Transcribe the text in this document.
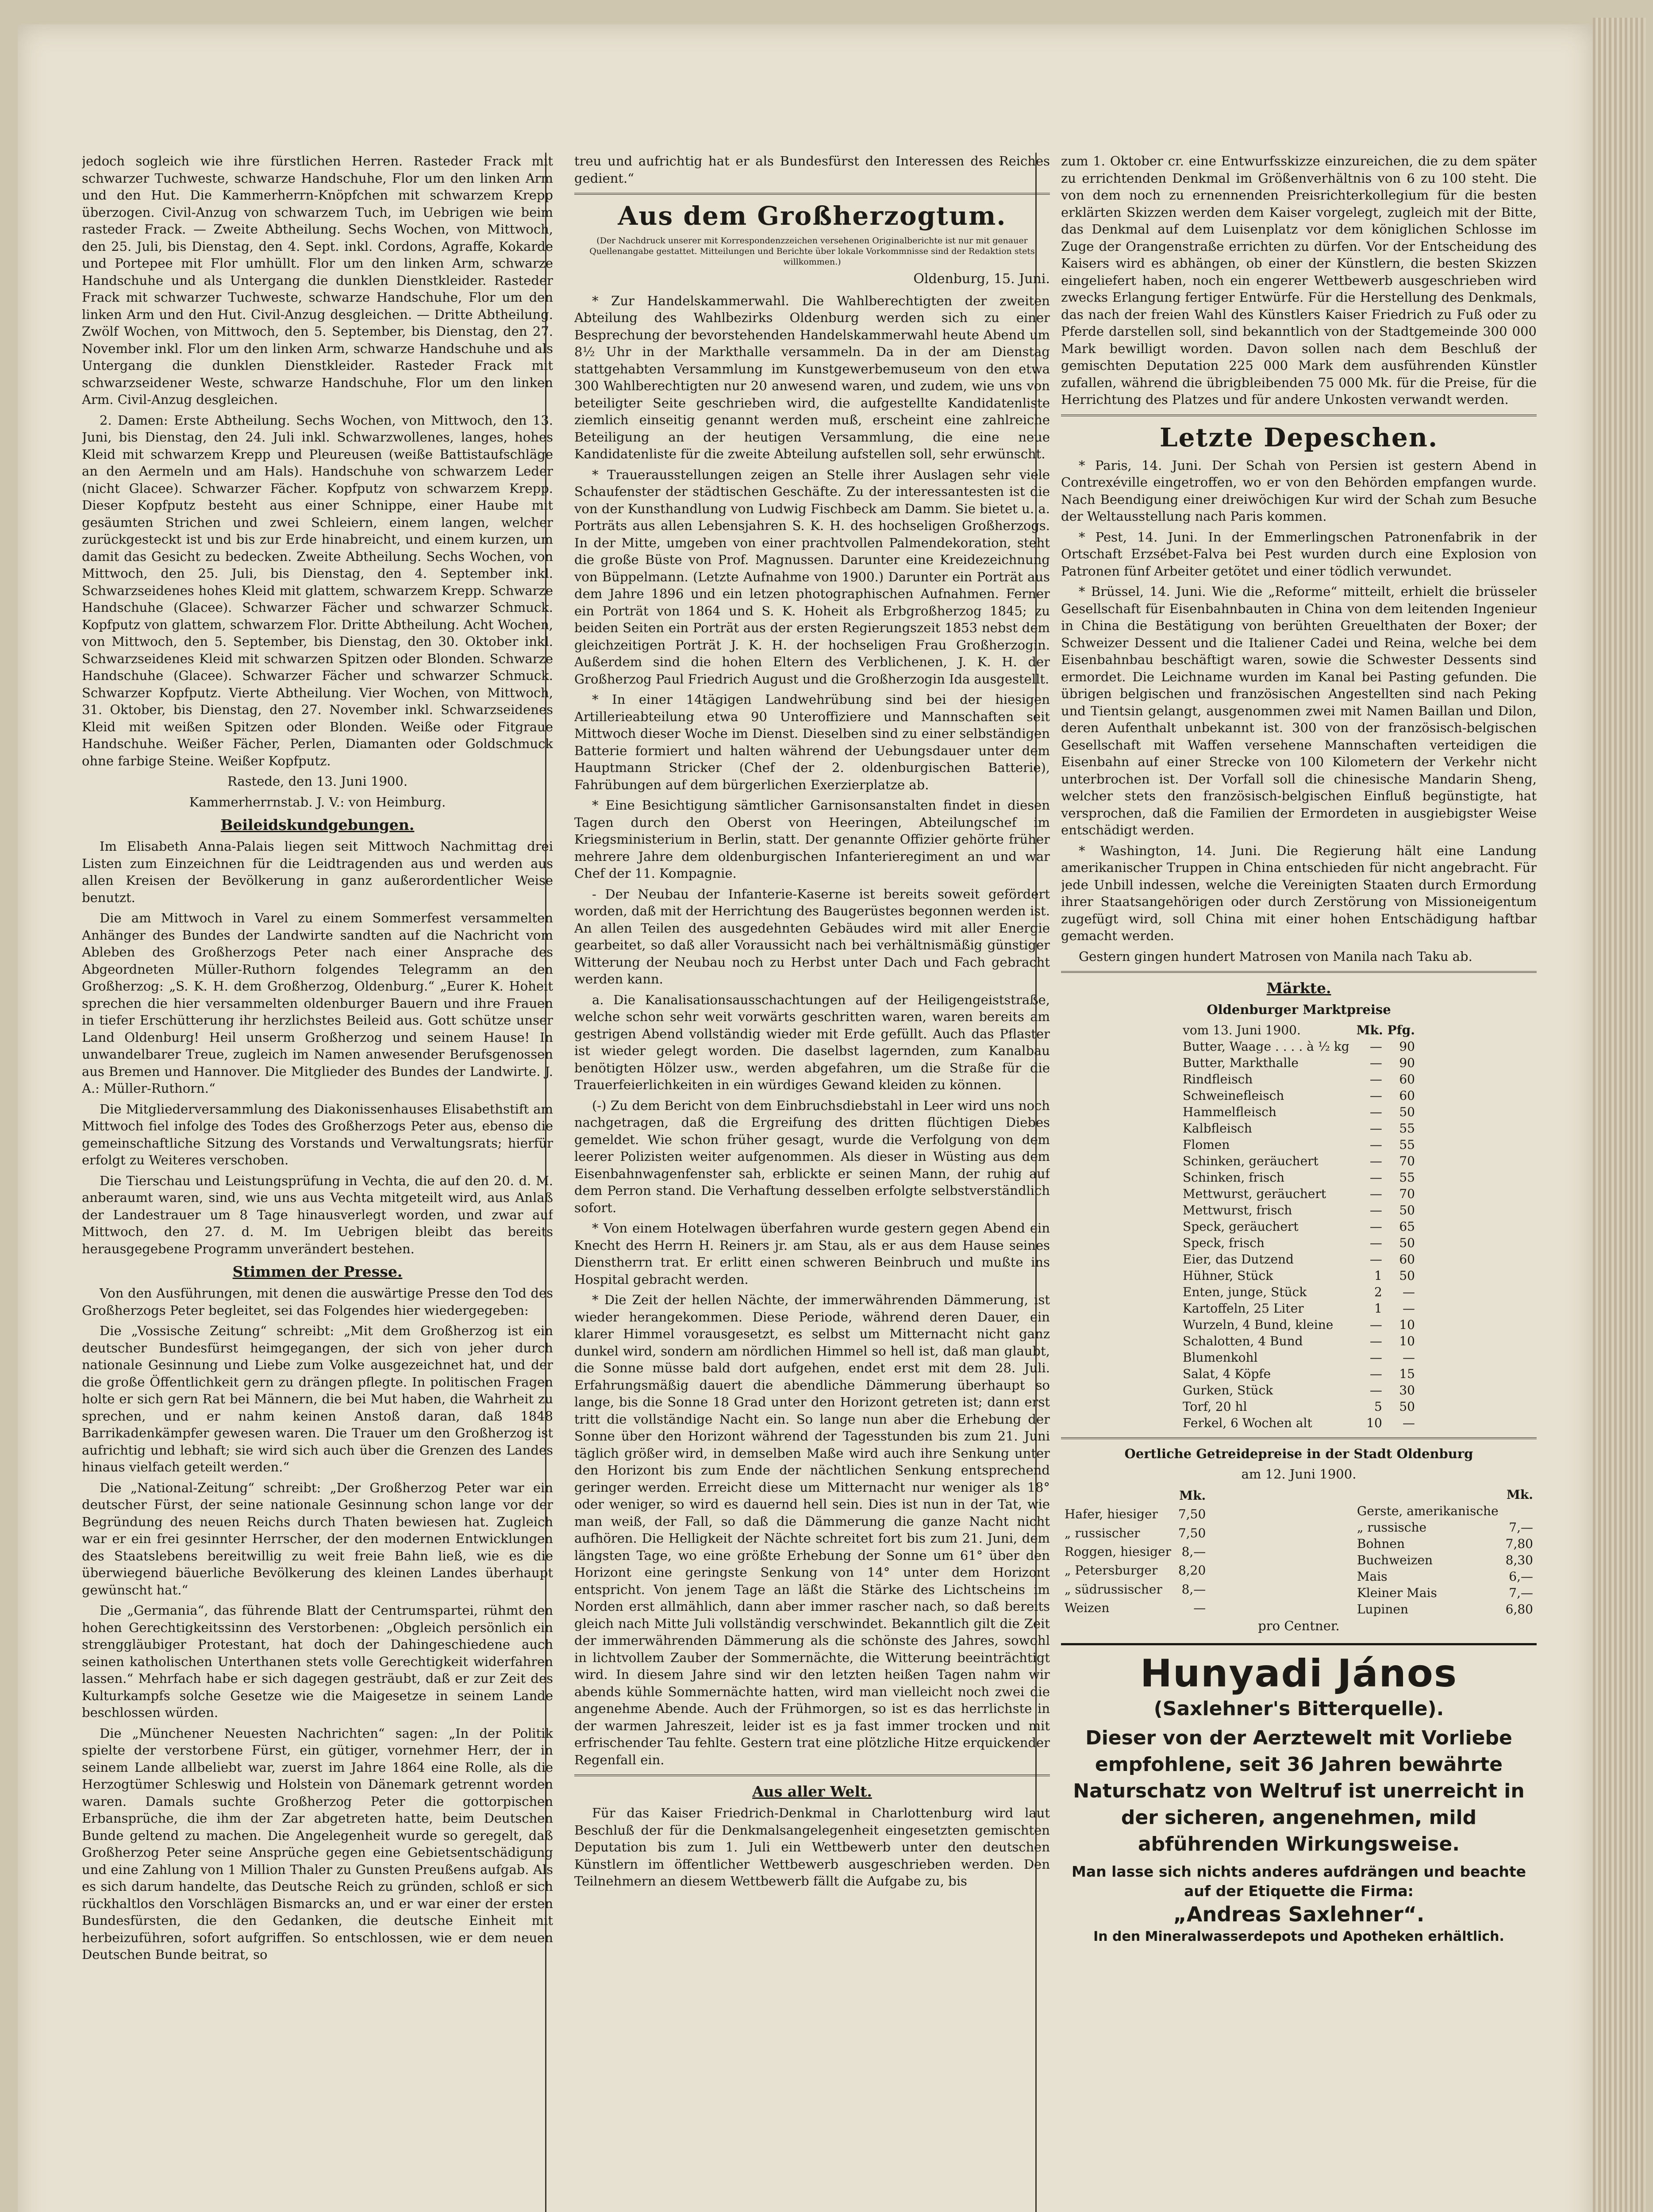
jedoch sogleich wie ihre fürstlichen Herren. Rasteder Frack mit schwarzer Tuchweste, schwarze Handschuhe, Flor um den linken Arm und den Hut. Die Kammerherrn-Knöpfchen mit schwarzem Krepp überzogen. Civil-Anzug von schwarzem Tuch, im Uebrigen wie beim rasteder Frack. — Zweite Abtheilung. Sechs Wochen, von Mittwoch, den 25. Juli, bis Dienstag, den 4. Sept. inkl. Cordons, Agraffe, Kokarde und Portepee mit Flor umhüllt. Flor um den linken Arm, schwarze Handschuhe und als Untergang die dunklen Dienstkleider. Rasteder Frack mit schwarzer Tuchweste, schwarze Handschuhe, Flor um den linken Arm und den Hut. Civil-Anzug desgleichen. — Dritte Abtheilung. Zwölf Wochen, von Mittwoch, den 5. September, bis Dienstag, den 27. November inkl. Flor um den linken Arm, schwarze Handschuhe und als Untergang die dunklen Dienstkleider. Rasteder Frack mit schwarzseidener Weste, schwarze Handschuhe, Flor um den linken Arm. Civil-Anzug desgleichen.

2. Damen: Erste Abtheilung. Sechs Wochen, von Mittwoch, den 13. Juni, bis Dienstag, den 24. Juli inkl. Schwarzwollenes, langes, hohes Kleid mit schwarzem Krepp und Pleureusen (weiße Battistaufschläge an den Aermeln und am Hals). Handschuhe von schwarzem Leder (nicht Glacee). Schwarzer Fächer. Kopfputz von schwarzem Krepp. Dieser Kopfputz besteht aus einer Schnippe, einer Haube mit gesäumten Strichen und zwei Schleiern, einem langen, welcher zurückgesteckt ist und bis zur Erde hinabreicht, und einem kurzen, um damit das Gesicht zu bedecken. Zweite Abtheilung. Sechs Wochen, von Mittwoch, den 25. Juli, bis Dienstag, den 4. September inkl. Schwarzseidenes hohes Kleid mit glattem, schwarzem Krepp. Schwarze Handschuhe (Glacee). Schwarzer Fächer und schwarzer Schmuck. Kopfputz von glattem, schwarzem Flor. Dritte Abtheilung. Acht Wochen, von Mittwoch, den 5. September, bis Dienstag, den 30. Oktober inkl. Schwarzseidenes Kleid mit schwarzen Spitzen oder Blonden. Schwarze Handschuhe (Glacee). Schwarzer Fächer und schwarzer Schmuck. Schwarzer Kopfputz. Vierte Abtheilung. Vier Wochen, von Mittwoch, 31. Oktober, bis Dienstag, den 27. November inkl. Schwarzseidenes Kleid mit weißen Spitzen oder Blonden. Weiße oder Fitgraue Handschuhe. Weißer Fächer, Perlen, Diamanten oder Goldschmuck ohne farbige Steine. Weißer Kopfputz.

Rastede, den 13. Juni 1900.

Kammerherrnstab. J. V.: von Heimburg.

Beileidskundgebungen.

Im Elisabeth Anna-Palais liegen seit Mittwoch Nachmittag drei Listen zum Einzeichnen für die Leidtragenden aus und werden aus allen Kreisen der Bevölkerung in ganz außerordentlicher Weise benutzt.

Die am Mittwoch in Varel zu einem Sommerfest versammelten Anhänger des Bundes der Landwirte sandten auf die Nachricht vom Ableben des Großherzogs Peter nach einer Ansprache des Abgeordneten Müller-Ruthorn folgendes Telegramm an den Großherzog: „S. K. H. dem Großherzog, Oldenburg.“ „Eurer K. Hoheit sprechen die hier versammelten oldenburger Bauern und ihre Frauen in tiefer Erschütterung ihr herzlichstes Beileid aus. Gott schütze unser Land Oldenburg! Heil unserm Großherzog und seinem Hause! In unwandelbarer Treue, zugleich im Namen anwesender Berufsgenossen aus Bremen und Hannover. Die Mitglieder des Bundes der Landwirte. J. A.: Müller-Ruthorn.“

Die Mitgliederversammlung des Diakonissenhauses Elisabethstift am Mittwoch fiel infolge des Todes des Großherzogs Peter aus, ebenso die gemeinschaftliche Sitzung des Vorstands und Verwaltungsrats; hierfür erfolgt zu Weiteres verschoben.

Die Tierschau und Leistungsprüfung in Vechta, die auf den 20. d. M. anberaumt waren, sind, wie uns aus Vechta mitgeteilt wird, aus Anlaß der Landestrauer um 8 Tage hinausverlegt worden, und zwar auf Mittwoch, den 27. d. M. Im Uebrigen bleibt das bereits herausgegebene Programm unverändert bestehen.

Stimmen der Presse.

Von den Ausführungen, mit denen die auswärtige Presse den Tod des Großherzogs Peter begleitet, sei das Folgendes hier wiedergegeben:

Die „Vossische Zeitung“ schreibt: „Mit dem Großherzog ist ein deutscher Bundesfürst heimgegangen, der sich von jeher durch nationale Gesinnung und Liebe zum Volke ausgezeichnet hat, und der die große Öffentlichkeit gern zu drängen pflegte. In politischen Fragen holte er sich gern Rat bei Männern, die bei Mut haben, die Wahrheit zu sprechen, und er nahm keinen Anstoß daran, daß 1848 Barrikadenkämpfer gewesen waren. Die Trauer um den Großherzog ist aufrichtig und lebhaft; sie wird sich auch über die Grenzen des Landes hinaus vielfach geteilt werden.“

Die „National-Zeitung“ schreibt: „Der Großherzog Peter war ein deutscher Fürst, der seine nationale Gesinnung schon lange vor der Begründung des neuen Reichs durch Thaten bewiesen hat. Zugleich war er ein frei gesinnter Herrscher, der den modernen Entwicklungen des Staatslebens bereitwillig zu weit freie Bahn ließ, wie es die überwiegend bäuerliche Bevölkerung des kleinen Landes überhaupt gewünscht hat.“

Die „Germania“, das führende Blatt der Centrumspartei, rühmt den hohen Gerechtigkeitssinn des Verstorbenen: „Obgleich persönlich ein strenggläubiger Protestant, hat doch der Dahingeschiedene auch seinen katholischen Unterthanen stets volle Gerechtigkeit widerfahren lassen.“ Mehrfach habe er sich dagegen gesträubt, daß er zur Zeit des Kulturkampfs solche Gesetze wie die Maigesetze in seinem Lande beschlossen würden.

Die „Münchener Neuesten Nachrichten“ sagen: „In der Politik spielte der verstorbene Fürst, ein gütiger, vornehmer Herr, der in seinem Lande allbeliebt war, zuerst im Jahre 1864 eine Rolle, als die Herzogtümer Schleswig und Holstein von Dänemark getrennt worden waren. Damals suchte Großherzog Peter die gottorpischen Erbansprüche, die ihm der Zar abgetreten hatte, beim Deutschen Bunde geltend zu machen. Die Angelegenheit wurde so geregelt, daß Großherzog Peter seine Ansprüche gegen eine Gebietsentschädigung und eine Zahlung von 1 Million Thaler zu Gunsten Preußens aufgab. Als es sich darum handelte, das Deutsche Reich zu gründen, schloß er sich rückhaltlos den Vorschlägen Bismarcks an, und er war einer der ersten Bundesfürsten, die den Gedanken, die deutsche Einheit mit herbeizuführen, sofort aufgriffen. So entschlossen, wie er dem neuen Deutschen Bunde beitrat, so

treu und aufrichtig hat er als Bundesfürst den Interessen des Reiches gedient.“

Aus dem Großherzogtum.

(Der Nachdruck unserer mit Korrespondenzzeichen versehenen Originalberichte ist nur mit genauer Quellenangabe gestattet. Mitteilungen und Berichte über lokale Vorkommnisse sind der Redaktion stets willkommen.)

Oldenburg, 15. Juni.

* Zur Handelskammerwahl. Die Wahlberechtigten der zweiten Abteilung des Wahlbezirks Oldenburg werden sich zu einer Besprechung der bevorstehenden Handelskammerwahl heute Abend um 8½ Uhr in der Markthalle versammeln. Da in der am Dienstag stattgehabten Versammlung im Kunstgewerbemuseum von den etwa 300 Wahlberechtigten nur 20 anwesend waren, und zudem, wie uns von beteiligter Seite geschrieben wird, die aufgestellte Kandidatenliste ziemlich einseitig genannt werden muß, erscheint eine zahlreiche Beteiligung an der heutigen Versammlung, die eine neue Kandidatenliste für die zweite Abteilung aufstellen soll, sehr erwünscht.

* Trauerausstellungen zeigen an Stelle ihrer Auslagen sehr viele Schaufenster der städtischen Geschäfte. Zu der interessantesten ist die von der Kunsthandlung von Ludwig Fischbeck am Damm. Sie bietet u. a. Porträts aus allen Lebensjahren S. K. H. des hochseligen Großherzogs. In der Mitte, umgeben von einer prachtvollen Palmendekoration, steht die große Büste von Prof. Magnussen. Darunter eine Kreidezeichnung von Büppelmann. (Letzte Aufnahme von 1900.) Darunter ein Porträt aus dem Jahre 1896 und ein letzen photographischen Aufnahmen. Ferner ein Porträt von 1864 und S. K. Hoheit als Erbgroßherzog 1845; zu beiden Seiten ein Porträt aus der ersten Regierungszeit 1853 nebst dem gleichzeitigen Porträt J. K. H. der hochseligen Frau Großherzogin. Außerdem sind die hohen Eltern des Verblichenen, J. K. H. der Großherzog Paul Friedrich August und die Großherzogin Ida ausgestellt.

* In einer 14tägigen Landwehrübung sind bei der hiesigen Artillerieabteilung etwa 90 Unteroffiziere und Mannschaften seit Mittwoch dieser Woche im Dienst. Dieselben sind zu einer selbständigen Batterie formiert und halten während der Uebungsdauer unter dem Hauptmann Stricker (Chef der 2. oldenburgischen Batterie), Fahrübungen auf dem bürgerlichen Exerzierplatze ab.

* Eine Besichtigung sämtlicher Garnisonsanstalten findet in diesen Tagen durch den Oberst von Heeringen, Abteilungschef im Kriegsministerium in Berlin, statt. Der genannte Offizier gehörte früher mehrere Jahre dem oldenburgischen Infanterieregiment an und war Chef der 11. Kompagnie.

- Der Neubau der Infanterie-Kaserne ist bereits soweit gefördert worden, daß mit der Herrichtung des Baugerüstes begonnen werden ist. An allen Teilen des ausgedehnten Gebäudes wird mit aller Energie gearbeitet, so daß aller Voraussicht nach bei verhältnismäßig günstiger Witterung der Neubau noch zu Herbst unter Dach und Fach gebracht werden kann.

a. Die Kanalisationsausschachtungen auf der Heiligengeiststraße, welche schon sehr weit vorwärts geschritten waren, waren bereits am gestrigen Abend vollständig wieder mit Erde gefüllt. Auch das Pflaster ist wieder gelegt worden. Die daselbst lagernden, zum Kanalbau benötigten Hölzer usw., werden abgefahren, um die Straße für die Trauerfeierlichkeiten in ein würdiges Gewand kleiden zu können.

(-) Zu dem Bericht von dem Einbruchsdiebstahl in Leer wird uns noch nachgetragen, daß die Ergreifung des dritten flüchtigen Diebes gemeldet. Wie schon früher gesagt, wurde die Verfolgung von dem leerer Polizisten weiter aufgenommen. Als dieser in Wüsting aus dem Eisenbahnwagenfenster sah, erblickte er seinen Mann, der ruhig auf dem Perron stand. Die Verhaftung desselben erfolgte selbstverständlich sofort.

* Von einem Hotelwagen überfahren wurde gestern gegen Abend ein Knecht des Herrn H. Reiners jr. am Stau, als er aus dem Hause seines Dienstherrn trat. Er erlitt einen schweren Beinbruch und mußte ins Hospital gebracht werden.

* Die Zeit der hellen Nächte, der immerwährenden Dämmerung, ist wieder herangekommen. Diese Periode, während deren Dauer, ein klarer Himmel vorausgesetzt, es selbst um Mitternacht nicht ganz dunkel wird, sondern am nördlichen Himmel so hell ist, daß man glaubt, die Sonne müsse bald dort aufgehen, endet erst mit dem 28. Juli. Erfahrungsmäßig dauert die abendliche Dämmerung überhaupt so lange, bis die Sonne 18 Grad unter den Horizont getreten ist; dann erst tritt die vollständige Nacht ein. So lange nun aber die Erhebung der Sonne über den Horizont während der Tagesstunden bis zum 21. Juni täglich größer wird, in demselben Maße wird auch ihre Senkung unter den Horizont bis zum Ende der nächtlichen Senkung entsprechend geringer werden. Erreicht diese um Mitternacht nur weniger als 18° oder weniger, so wird es dauernd hell sein. Dies ist nun in der Tat, wie man weiß, der Fall, so daß die Dämmerung die ganze Nacht nicht aufhören. Die Helligkeit der Nächte schreitet fort bis zum 21. Juni, dem längsten Tage, wo eine größte Erhebung der Sonne um 61° über den Horizont eine geringste Senkung von 14° unter dem Horizont entspricht. Von jenem Tage an läßt die Stärke des Lichtscheins im Norden erst allmählich, dann aber immer rascher nach, so daß bereits gleich nach Mitte Juli vollständig verschwindet. Bekanntlich gilt die Zeit der immerwährenden Dämmerung als die schönste des Jahres, sowohl in lichtvollem Zauber der Sommernächte, die Witterung beeinträchtigt wird. In diesem Jahre sind wir den letzten heißen Tagen nahm wir abends kühle Sommernächte hatten, wird man vielleicht noch zwei die angenehme Abende. Auch der Frühmorgen, so ist es das herrlichste in der warmen Jahreszeit, leider ist es ja fast immer trocken und mit erfrischender Tau fehlte. Gestern trat eine plötzliche Hitze erquickender Regenfall ein.

Aus aller Welt.

Für das Kaiser Friedrich-Denkmal in Charlottenburg wird laut Beschluß der für die Denkmalsangelegenheit eingesetzten gemischten Deputation bis zum 1. Juli ein Wettbewerb unter den deutschen Künstlern im öffentlicher Wettbewerb ausgeschrieben werden. Den Teilnehmern an diesem Wettbewerb fällt die Aufgabe zu, bis

zum 1. Oktober cr. eine Entwurfsskizze einzureichen, die zu dem später zu errichtenden Denkmal im Größenverhältnis von 6 zu 100 steht. Die von dem noch zu ernennenden Preisrichterkollegium für die besten erklärten Skizzen werden dem Kaiser vorgelegt, zugleich mit der Bitte, das Denkmal auf dem Luisenplatz vor dem königlichen Schlosse im Zuge der Orangenstraße errichten zu dürfen. Vor der Entscheidung des Kaisers wird es abhängen, ob einer der Künstlern, die besten Skizzen eingeliefert haben, noch ein engerer Wettbewerb ausgeschrieben wird zwecks Erlangung fertiger Entwürfe. Für die Herstellung des Denkmals, das nach der freien Wahl des Künstlers Kaiser Friedrich zu Fuß oder zu Pferde darstellen soll, sind bekanntlich von der Stadtgemeinde 300 000 Mark bewilligt worden. Davon sollen nach dem Beschluß der gemischten Deputation 225 000 Mark dem ausführenden Künstler zufallen, während die übrigbleibenden 75 000 Mk. für die Preise, für die Herrichtung des Platzes und für andere Unkosten verwandt werden.

Letzte Depeschen.

* Paris, 14. Juni. Der Schah von Persien ist gestern Abend in Contrexéville eingetroffen, wo er von den Behörden empfangen wurde. Nach Beendigung einer dreiwöchigen Kur wird der Schah zum Besuche der Weltausstellung nach Paris kommen.

* Pest, 14. Juni. In der Emmerlingschen Patronenfabrik in der Ortschaft Erzsébet-Falva bei Pest wurden durch eine Explosion von Patronen fünf Arbeiter getötet und einer tödlich verwundet.

* Brüssel, 14. Juni. Wie die „Reforme“ mitteilt, erhielt die brüsseler Gesellschaft für Eisenbahnbauten in China von dem leitenden Ingenieur in China die Bestätigung von berühten Greuelthaten der Boxer; der Schweizer Dessent und die Italiener Cadei und Reina, welche bei dem Eisenbahnbau beschäftigt waren, sowie die Schwester Dessents sind ermordet. Die Leichname wurden im Kanal bei Pasting gefunden. Die übrigen belgischen und französischen Angestellten sind nach Peking und Tientsin gelangt, ausgenommen zwei mit Namen Baillan und Dilon, deren Aufenthalt unbekannt ist. 300 von der französisch-belgischen Gesellschaft mit Waffen versehene Mannschaften verteidigen die Eisenbahn auf einer Strecke von 100 Kilometern der Verkehr nicht unterbrochen ist. Der Vorfall soll die chinesische Mandarin Sheng, welcher stets den französisch-belgischen Einfluß begünstigte, hat versprochen, daß die Familien der Ermordeten in ausgiebigster Weise entschädigt werden.

* Washington, 14. Juni. Die Regierung hält eine Landung amerikanischer Truppen in China entschieden für nicht angebracht. Für jede Unbill indessen, welche die Vereinigten Staaten durch Ermordung ihrer Staatsangehörigen oder durch Zerstörung von Missioneigentum zugefügt wird, soll China mit einer hohen Entschädigung haftbar gemacht werden.

Gestern gingen hundert Matrosen von Manila nach Taku ab.

Märkte.

Oldenburger Marktpreise

vom 13. Juni 1900.	Mk. Pfg.	
Butter, Waage . . . . à ½ kg	—	90
Butter, Markthalle	—	90
Rindfleisch	—	60
Schweinefleisch	—	60
Hammelfleisch	—	50
Kalbfleisch	—	55
Flomen	—	55
Schinken, geräuchert	—	70
Schinken, frisch	—	55
Mettwurst, geräuchert	—	70
Mettwurst, frisch	—	50
Speck, geräuchert	—	65
Speck, frisch	—	50
Eier, das Dutzend	—	60
Hühner, Stück	1	50
Enten, junge, Stück	2	—
Kartoffeln, 25 Liter	1	—
Wurzeln, 4 Bund, kleine	—	10
Schalotten, 4 Bund	—	10
Blumenkohl	—	—
Salat, 4 Köpfe	—	15
Gurken, Stück	—	30
Torf, 20 hl	5	50
Ferkel, 6 Wochen alt	10	—

Oertliche Getreidepreise in der Stadt Oldenburg

am 12. Juni 1900.

	Mk.
Hafer, hiesiger	7,50
„ russischer	7,50
Roggen, hiesiger	8,—
„ Petersburger	8,20
„ südrussischer	8,—
Weizen	—
	Mk.
Gerste, amerikanische	
„ russische	7,—
Bohnen	7,80
Buchweizen	8,30
Mais	6,—
Kleiner Mais	7,—
Lupinen	6,80

pro Centner.

Hunyadi János
(Saxlehner's Bitterquelle).
Dieser von der Aerztewelt mit Vorliebe empfohlene, seit 36 Jahren bewährte Naturschatz von Weltruf ist unerreicht in der sicheren, angenehmen, mild abführenden Wirkungsweise.
Man lasse sich nichts anderes aufdrängen und beachte auf der Etiquette die Firma:
„Andreas Saxlehner“.
In den Mineralwasserdepots und Apotheken erhältlich.
